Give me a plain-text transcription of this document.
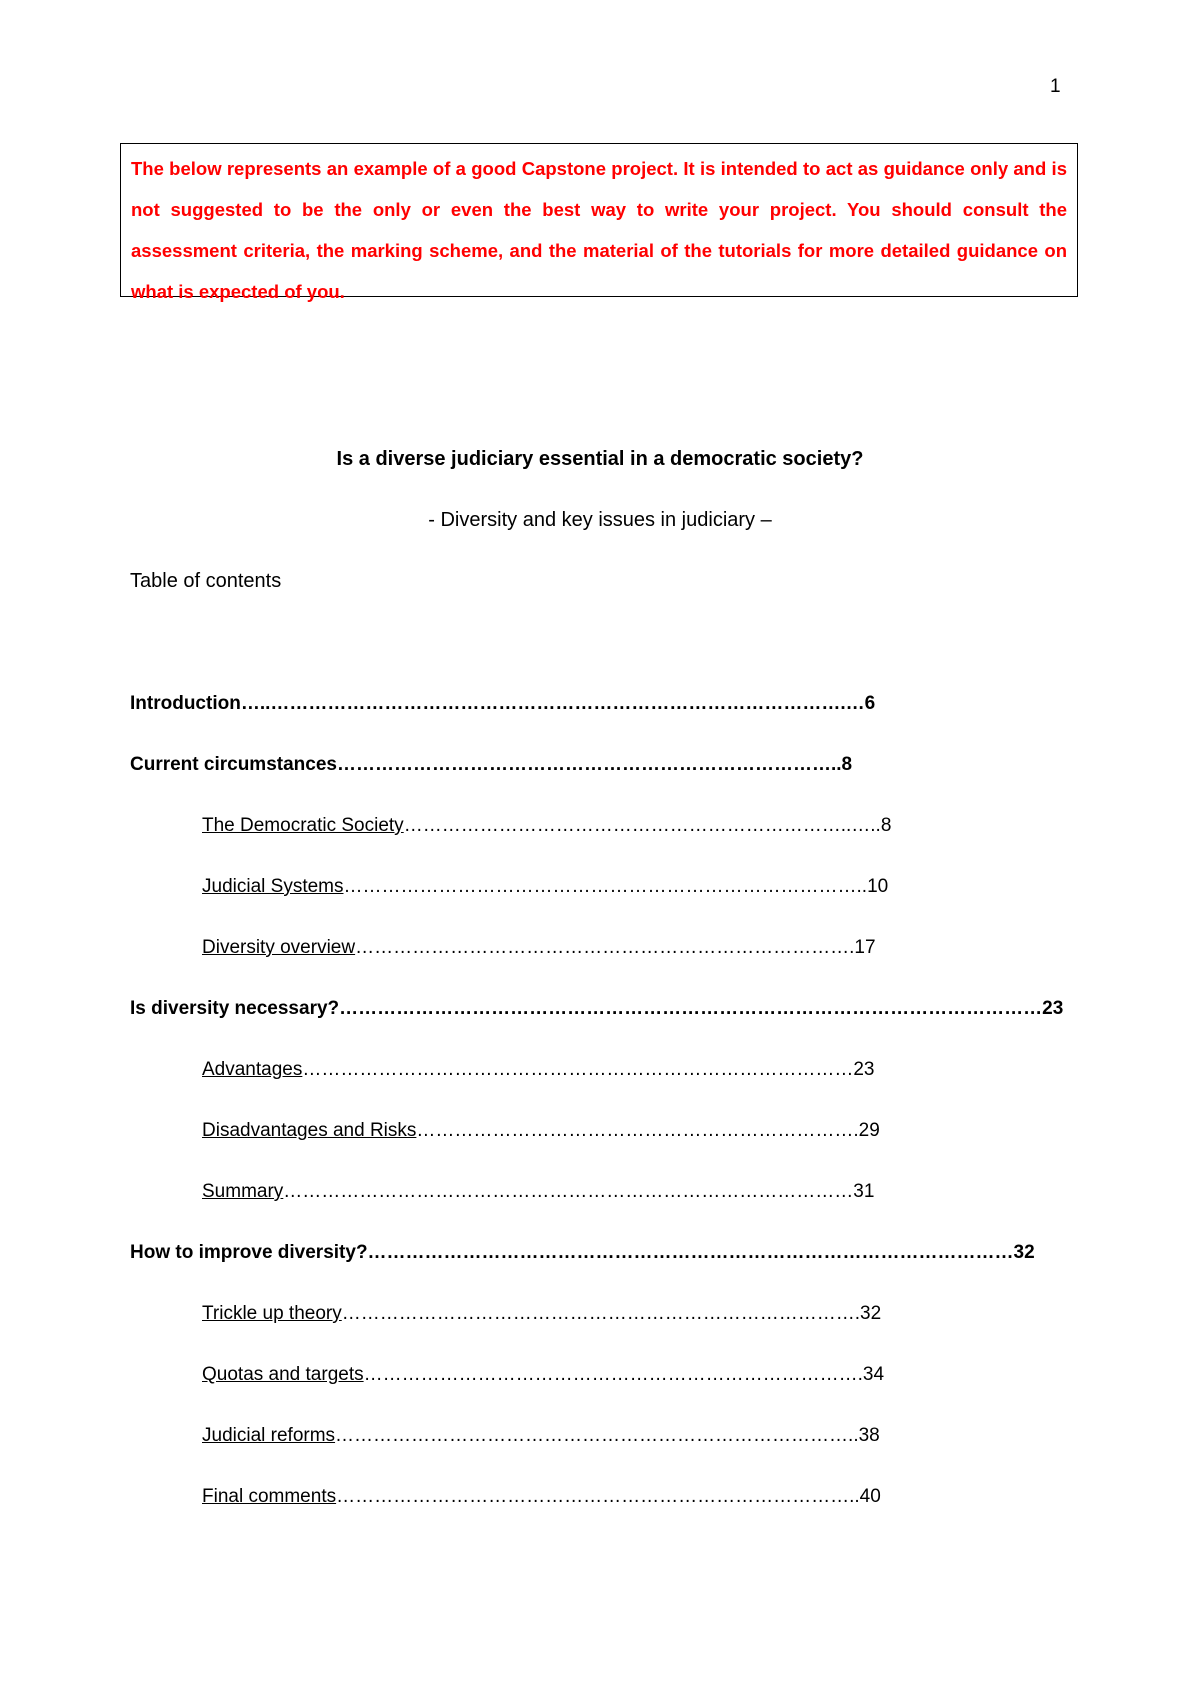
1
The below represents an example of a good Capstone project. It is intended to act as guidance only and is not suggested to be the only or even the best way to write your project. You should consult the assessment criteria, the marking scheme, and the material of the tutorials for more detailed guidance on what is expected of you.
Is a diverse judiciary essential in a democratic society?
- Diversity and key issues in judiciary –
Table of contents
Introduction…..……………………………………………………………………………….…6
Current circumstances……………………………………………………………………..8
The Democratic Society……………………………………………………………..…..8
Judicial Systems………………………………………………………………………..10
Diversity overview…………………………………………………………………….17
Is diversity necessary?…………………………………………………………………………………………………23
Advantages……………………………………………………………………………23
Disadvantages and Risks…………………………………………………………….29
Summary………………………………………………………………………………31
How to improve diversity?…………………………………………………………………………………………32
Trickle up theory……………………………………………………………………….32
Quotas and targets…………………………………………………………………….34
Judicial reforms………………………………………………………………………..38
Final comments………………………………………………………………………..40
